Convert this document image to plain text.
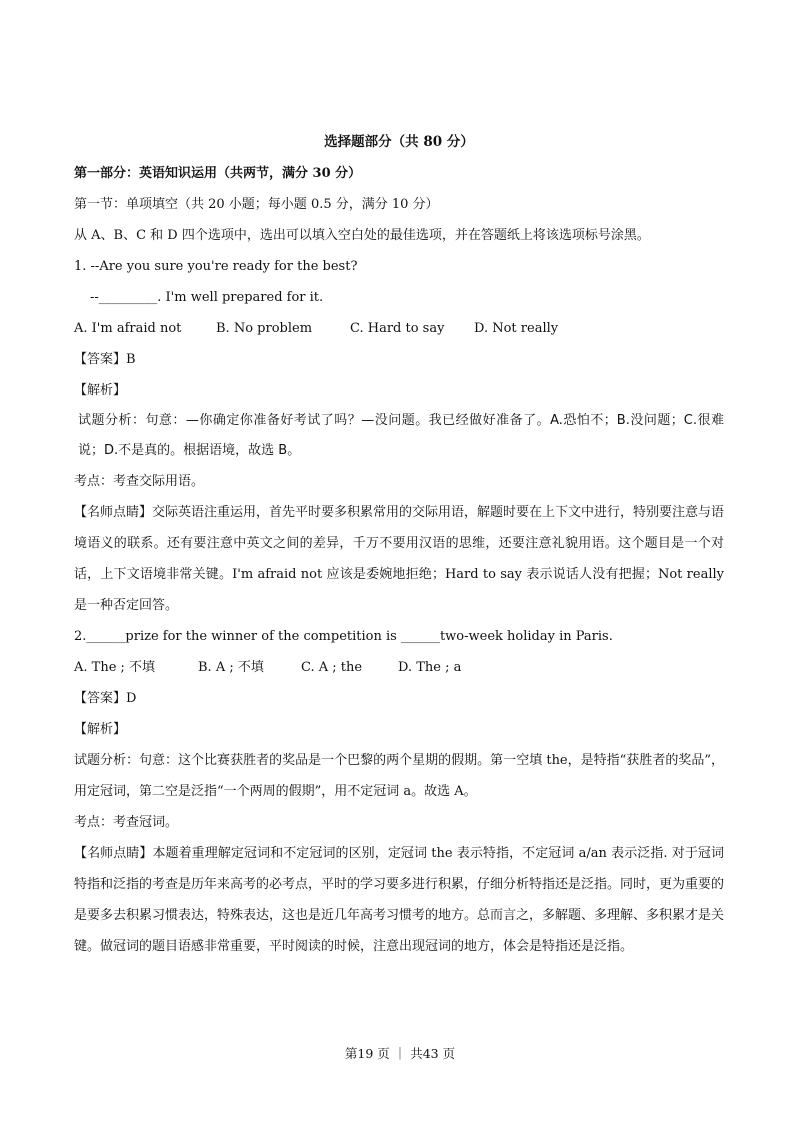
选择题部分（共 80 分）
第一部分：英语知识运用（共两节，满分 30 分）
第一节：单项填空（共 20 小题；每小题 0.5 分，满分 10 分）
从 A、B、C 和 D 四个选项中，选出可以填入空白处的最佳选项，并在答题纸上将该选项标号涂黑。
1. --Are you sure you're ready for the best?
--_________. I'm well prepared for it.
A. I'm afraid not	B. No problem	C. Hard to say	D. Not really
【答案】B
【解析】
试题分析：句意：—你确定你准备好考试了吗？—没问题。我已经做好准备了。A.恐怕不；B.没问题；C.很难说；D.不是真的。根据语境，故选 B。
考点：考查交际用语。
【名师点睛】交际英语注重运用，首先平时要多积累常用的交际用语，解题时要在上下文中进行，特别要注意与语境语义的联系。还有要注意中英文之间的差异，千万不要用汉语的思维，还要注意礼貌用语。这个题目是一个对话，上下文语境非常关键。I'm afraid not 应该是委婉地拒绝；Hard to say 表示说话人没有把握；Not really 是一种否定回答。
2.______prize for the winner of the competition is ______two-week holiday in Paris.
A. The ; 不填	B. A ; 不填	C. A ; the	D. The ; a
【答案】D
【解析】
试题分析：句意：这个比赛获胜者的奖品是一个巴黎的两个星期的假期。第一空填 the，是特指“获胜者的奖品”，用定冠词，第二空是泛指“一个两周的假期”，用不定冠词 a。故选 A。
考点：考查冠词。
【名师点睛】本题着重理解定冠词和不定冠词的区别，定冠词 the 表示特指，不定冠词 a/an 表示泛指. 对于冠词特指和泛指的考查是历年来高考的必考点，平时的学习要多进行积累，仔细分析特指还是泛指。同时，更为重要的是要多去积累习惯表达，特殊表达，这也是近几年高考习惯考的地方。总而言之，多解题、多理解、多积累才是关键。做冠词的题目语感非常重要，平时阅读的时候，注意出现冠词的地方，体会是特指还是泛指。
第19 页 ｜ 共43 页
